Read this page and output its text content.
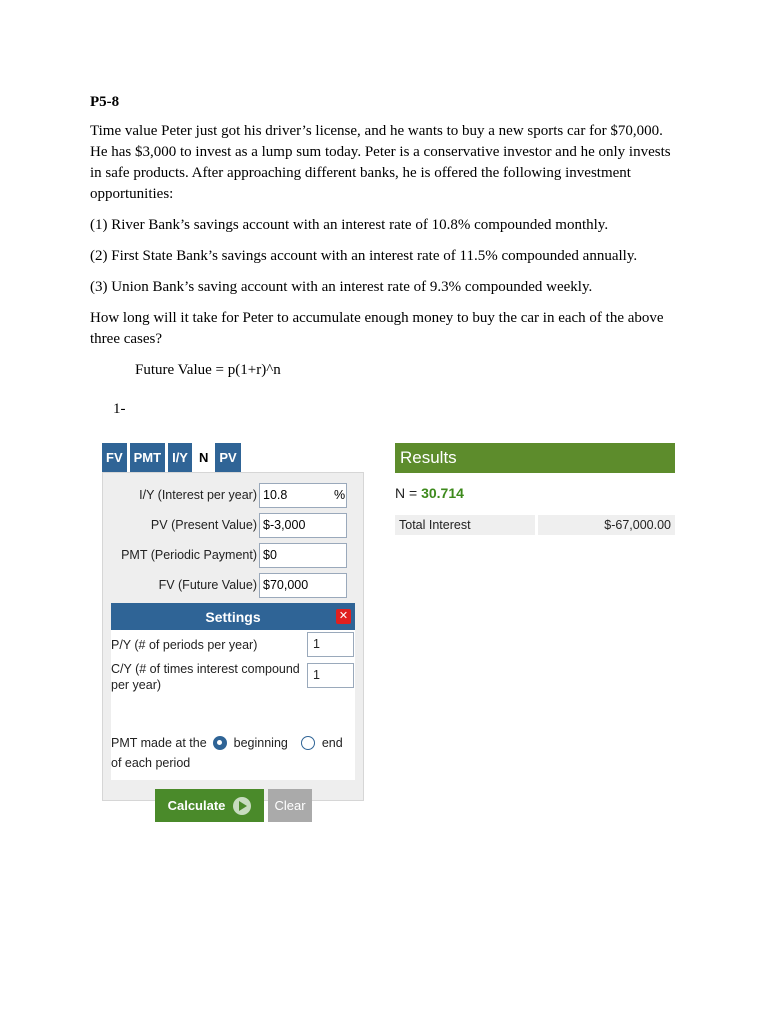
P5-8

Time value Peter just got his driver’s license, and he wants to buy a new sports car for $70,000. He has $3,000 to invest as a lump sum today. Peter is a conservative investor and he only invests in safe products. After approaching different banks, he is offered the following investment opportunities:

(1) River Bank’s savings account with an interest rate of 10.8% compounded monthly.

(2) First State Bank’s savings account with an interest rate of 11.5% compounded annually.

(3) Union Bank’s saving account with an interest rate of 9.3% compounded weekly.

How long will it take for Peter to accumulate enough money to buy the car in each of the above three cases?

Future Value = p(1+r)^n

1-

FV PMT I/Y N PV
I/Y (Interest per year) 10.8	%
PV (Present Value) $-3,000
PMT (Periodic Payment) $0
FV (Future Value) $70,000
Settings	✕
P/Y (# of periods per year)	1
C/Y (# of times interest compound per year)
1
PMT made at the beginning	end
of each period
Calculate	Clear
Results
N = 30.714
Total Interest	$-67,000.00
